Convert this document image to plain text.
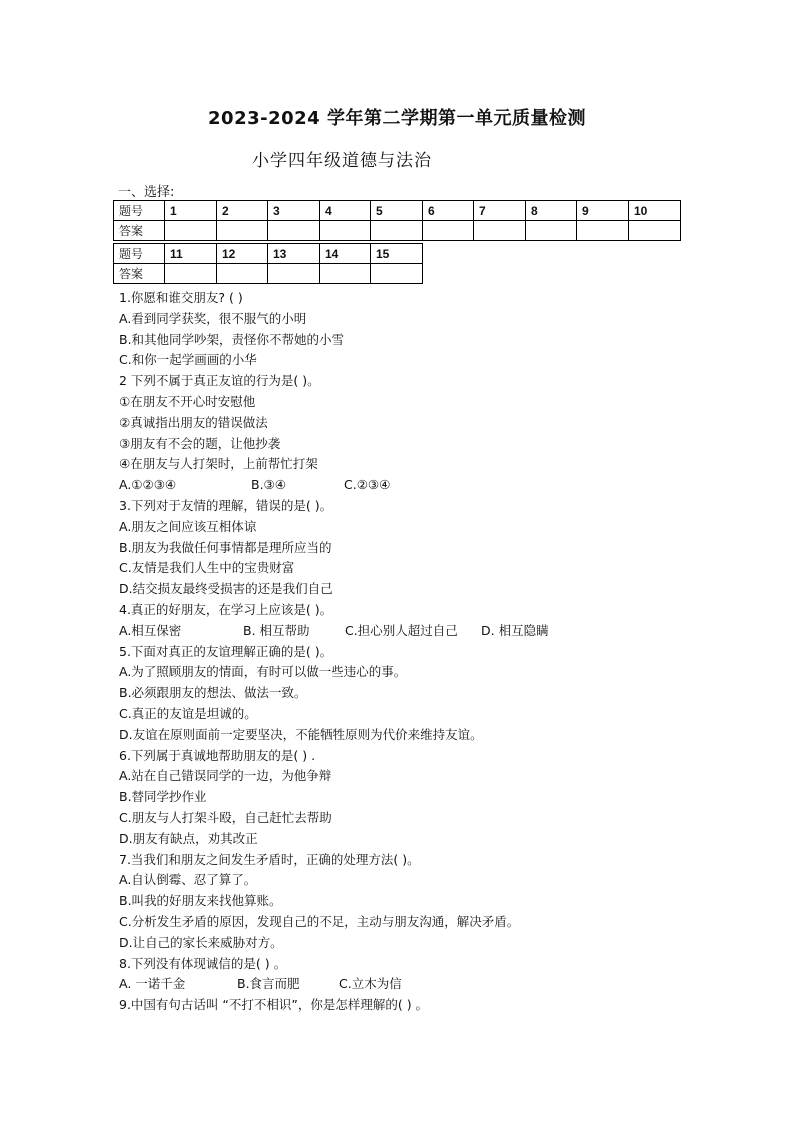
2023-2024 学年第二学期第一单元质量检测
小学四年级道德与法治
一、选择:
题号	1	2	3	4	5	6	7	8	9	10
答案										
题号	11	12	13	14	15
答案					
1.你愿和谁交朋友? ( )
A.看到同学获奖，很不服气的小明
B.和其他同学吵架，责怪你不帮她的小雪
C.和你一起学画画的小华
2 下列不属于真正友谊的行为是( )。
①在朋友不开心时安慰他
②真诚指出朋友的错误做法
③朋友有不会的题，让他抄袭
④在朋友与人打架时，上前帮忙打架
A.①②③④	B.③④	C.②③④
3.下列对于友情的理解，错误的是( )。
A.朋友之间应该互相体谅
B.朋友为我做任何事情都是理所应当的
C.友情是我们人生中的宝贵财富
D.结交损友最终受损害的还是我们自己
4.真正的好朋友，在学习上应该是( )。
A.相互保密	B. 相互帮助	C.担心别人超过自己 D. 相互隐瞒
5.下面对真正的友谊理解正确的是( )。
A.为了照顾朋友的情面，有时可以做一些违心的事。
B.必须跟朋友的想法、做法一致。
C.真正的友谊是坦诚的。
D.友谊在原则面前一定要坚决，不能牺牲原则为代价来维持友谊。
6.下列属于真诚地帮助朋友的是( ) .
A.站在自己错误同学的一边，为他争辩
B.替同学抄作业
C.朋友与人打架斗殴，自己赶忙去帮助
D.朋友有缺点，劝其改正
7.当我们和朋友之间发生矛盾时，正确的处理方法( )。
A.自认倒霉、忍了算了。
B.叫我的好朋友来找他算账。
C.分析发生矛盾的原因，发现自己的不足，主动与朋友沟通，解决矛盾。
D.让自己的家长来威胁对方。
8.下列没有体现诚信的是( ) 。
A. 一诺千金	B.食言而肥	C.立木为信
9.中国有句古话叫 “不打不相识”，你是怎样理解的( ) 。
